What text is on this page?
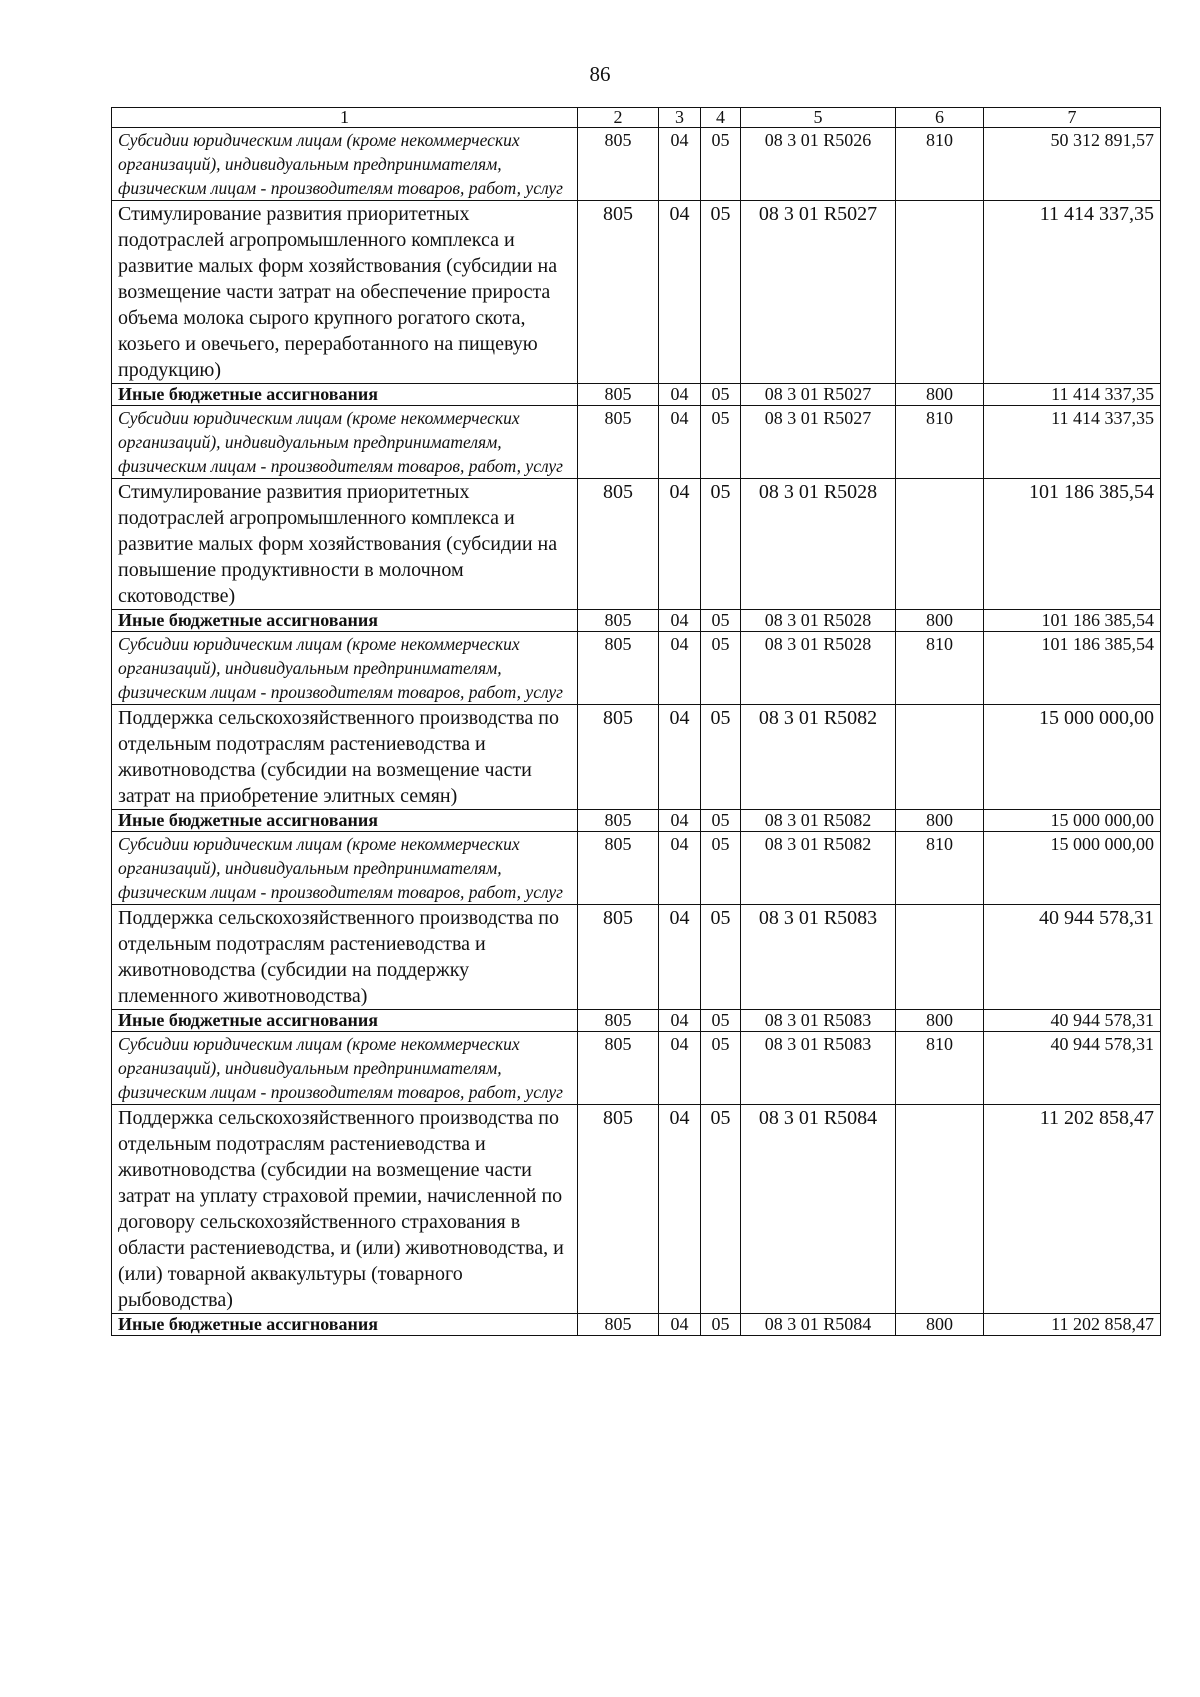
86
1	2	3	4	5	6	7
Субсидии юридическим лицам (кроме некоммерческих организаций), индивидуальным предпринимателям, физическим лицам - производителям товаров, работ, услуг	805	04	05	08 3 01 R5026	810	50 312 891,57
Стимулирование развития приоритетных подотраслей агропромышленного комплекса и развитие малых форм хозяйствования (субсидии на возмещение части затрат на обеспечение прироста объема молока сырого крупного рогатого скота, козьего и овечьего, переработанного на пищевую продукцию)	805	04	05	08 3 01 R5027		11 414 337,35
Иные бюджетные ассигнования	805	04	05	08 3 01 R5027	800	11 414 337,35
Субсидии юридическим лицам (кроме некоммерческих организаций), индивидуальным предпринимателям, физическим лицам - производителям товаров, работ, услуг	805	04	05	08 3 01 R5027	810	11 414 337,35
Стимулирование развития приоритетных подотраслей агропромышленного комплекса и развитие малых форм хозяйствования (субсидии на повышение продуктивности в молочном скотоводстве)	805	04	05	08 3 01 R5028		101 186 385,54
Иные бюджетные ассигнования	805	04	05	08 3 01 R5028	800	101 186 385,54
Субсидии юридическим лицам (кроме некоммерческих организаций), индивидуальным предпринимателям, физическим лицам - производителям товаров, работ, услуг	805	04	05	08 3 01 R5028	810	101 186 385,54
Поддержка сельскохозяйственного производства по отдельным подотраслям растениеводства и животноводства (субсидии на возмещение части затрат на приобретение элитных семян)	805	04	05	08 3 01 R5082		15 000 000,00
Иные бюджетные ассигнования	805	04	05	08 3 01 R5082	800	15 000 000,00
Субсидии юридическим лицам (кроме некоммерческих организаций), индивидуальным предпринимателям, физическим лицам - производителям товаров, работ, услуг	805	04	05	08 3 01 R5082	810	15 000 000,00
Поддержка сельскохозяйственного производства по отдельным подотраслям растениеводства и животноводства (субсидии на поддержку племенного животноводства)	805	04	05	08 3 01 R5083		40 944 578,31
Иные бюджетные ассигнования	805	04	05	08 3 01 R5083	800	40 944 578,31
Субсидии юридическим лицам (кроме некоммерческих организаций), индивидуальным предпринимателям, физическим лицам - производителям товаров, работ, услуг	805	04	05	08 3 01 R5083	810	40 944 578,31
Поддержка сельскохозяйственного производства по отдельным подотраслям растениеводства и животноводства (субсидии на возмещение части затрат на уплату страховой премии, начисленной по договору сельскохозяйственного страхования в области растениеводства, и (или) животноводства, и (или) товарной аквакультуры (товарного рыбоводства)	805	04	05	08 3 01 R5084		11 202 858,47
Иные бюджетные ассигнования	805	04	05	08 3 01 R5084	800	11 202 858,47
